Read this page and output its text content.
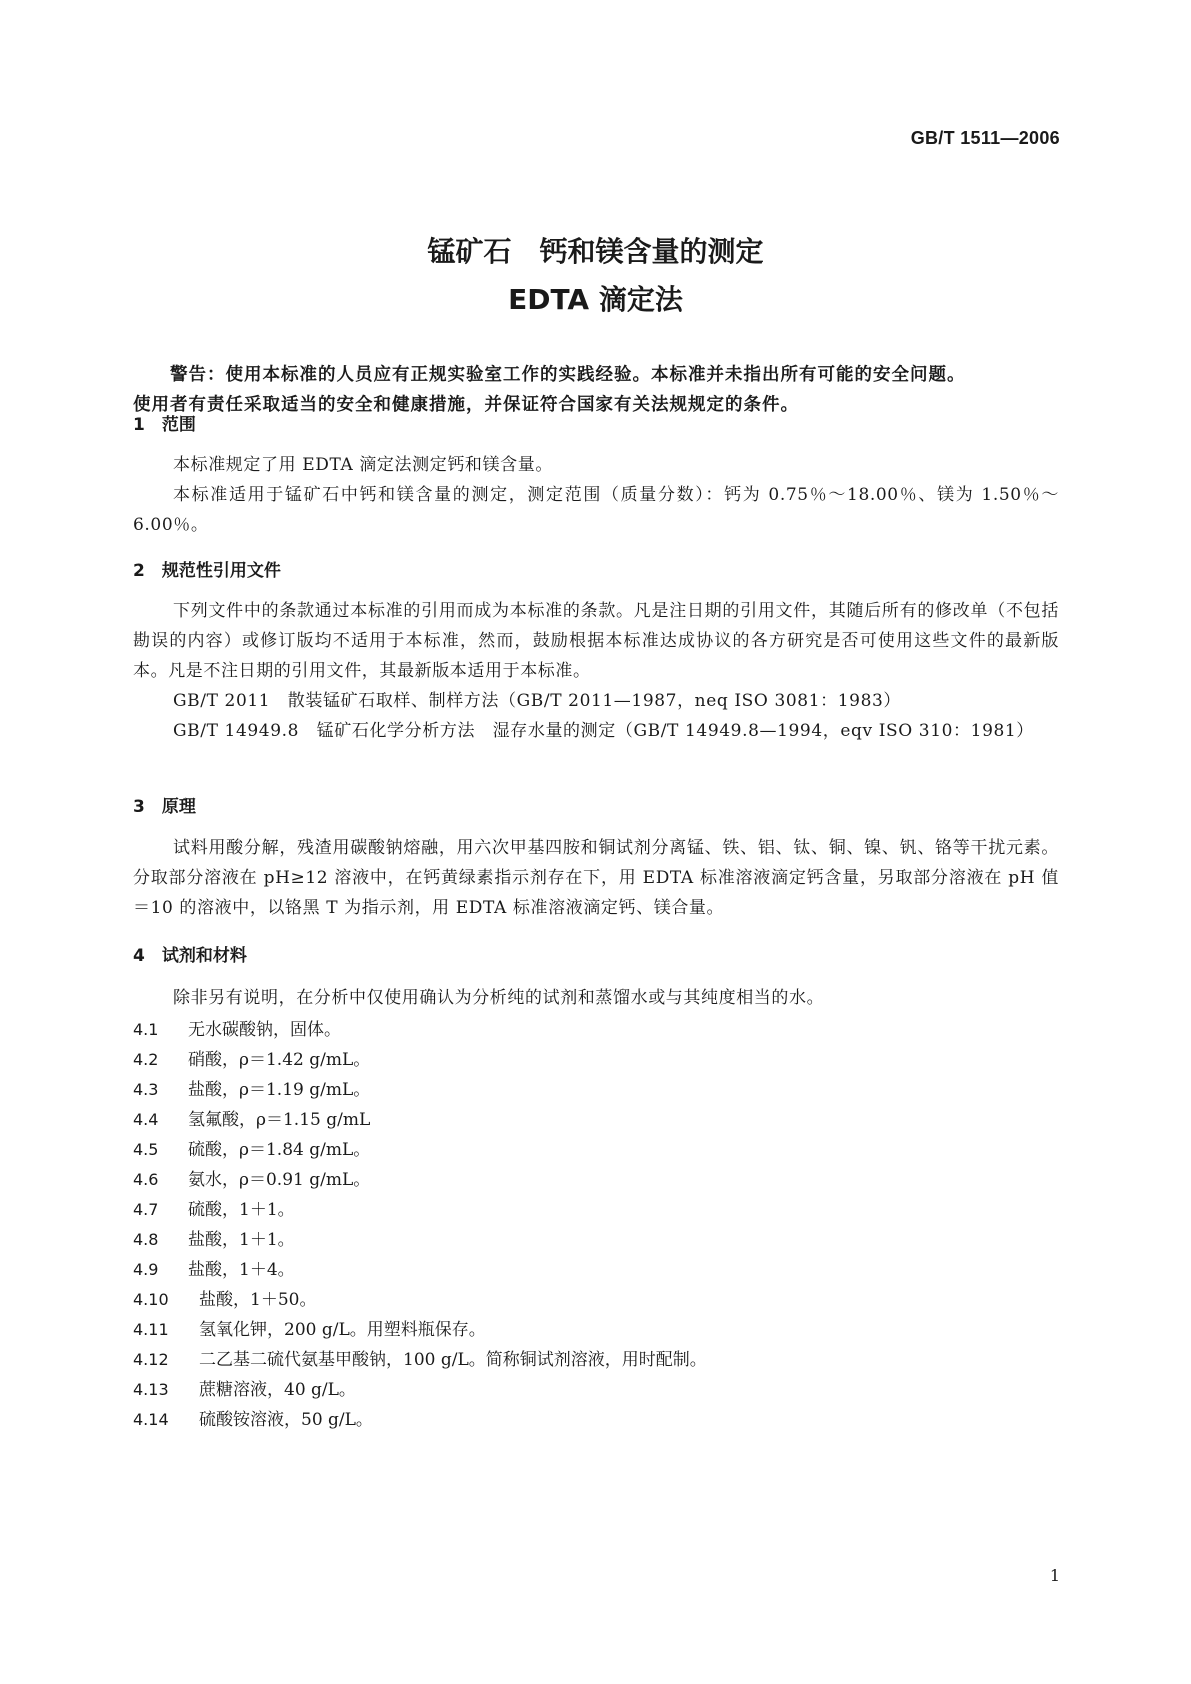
GB/T 1511—2006
锰矿石　钙和镁含量的测定
EDTA 滴定法

警告：使用本标准的人员应有正规实验室工作的实践经验。本标准并未指出所有可能的安全问题。

使用者有责任采取适当的安全和健康措施，并保证符合国家有关法规规定的条件。

1　范围

本标准规定了用 EDTA 滴定法测定钙和镁含量。

本标准适用于锰矿石中钙和镁含量的测定，测定范围（质量分数）：钙为 0.75％～18.00％、镁为 1.50％～6.00％。

2　规范性引用文件

下列文件中的条款通过本标准的引用而成为本标准的条款。凡是注日期的引用文件，其随后所有的修改单（不包括勘误的内容）或修订版均不适用于本标准，然而，鼓励根据本标准达成协议的各方研究是否可使用这些文件的最新版本。凡是不注日期的引用文件，其最新版本适用于本标准。

GB/T 2011　散装锰矿石取样、制样方法（GB/T 2011—1987，neq ISO 3081：1983）

GB/T 14949.8　锰矿石化学分析方法　湿存水量的测定（GB/T 14949.8—1994，eqv ISO 310：1981）

3　原理

试料用酸分解，残渣用碳酸钠熔融，用六次甲基四胺和铜试剂分离锰、铁、铝、钛、铜、镍、钒、铬等干扰元素。分取部分溶液在 pH≥12 溶液中，在钙黄绿素指示剂存在下，用 EDTA 标准溶液滴定钙含量，另取部分溶液在 pH 值＝10 的溶液中，以铬黑 T 为指示剂，用 EDTA 标准溶液滴定钙、镁合量。

4　试剂和材料

除非另有说明，在分析中仅使用确认为分析纯的试剂和蒸馏水或与其纯度相当的水。

4.1 无水碳酸钠，固体。
4.2 硝酸，ρ＝1.42 g/mL。
4.3 盐酸，ρ＝1.19 g/mL。
4.4 氢氟酸，ρ＝1.15 g/mL
4.5 硫酸，ρ＝1.84 g/mL。
4.6 氨水，ρ＝0.91 g/mL。
4.7 硫酸，1＋1。
4.8 盐酸，1＋1。
4.9 盐酸，1＋4。
4.10 盐酸，1＋50。
4.11 氢氧化钾，200 g/L。用塑料瓶保存。
4.12 二乙基二硫代氨基甲酸钠，100 g/L。简称铜试剂溶液，用时配制。
4.13 蔗糖溶液，40 g/L。
4.14 硫酸铵溶液，50 g/L。
1
